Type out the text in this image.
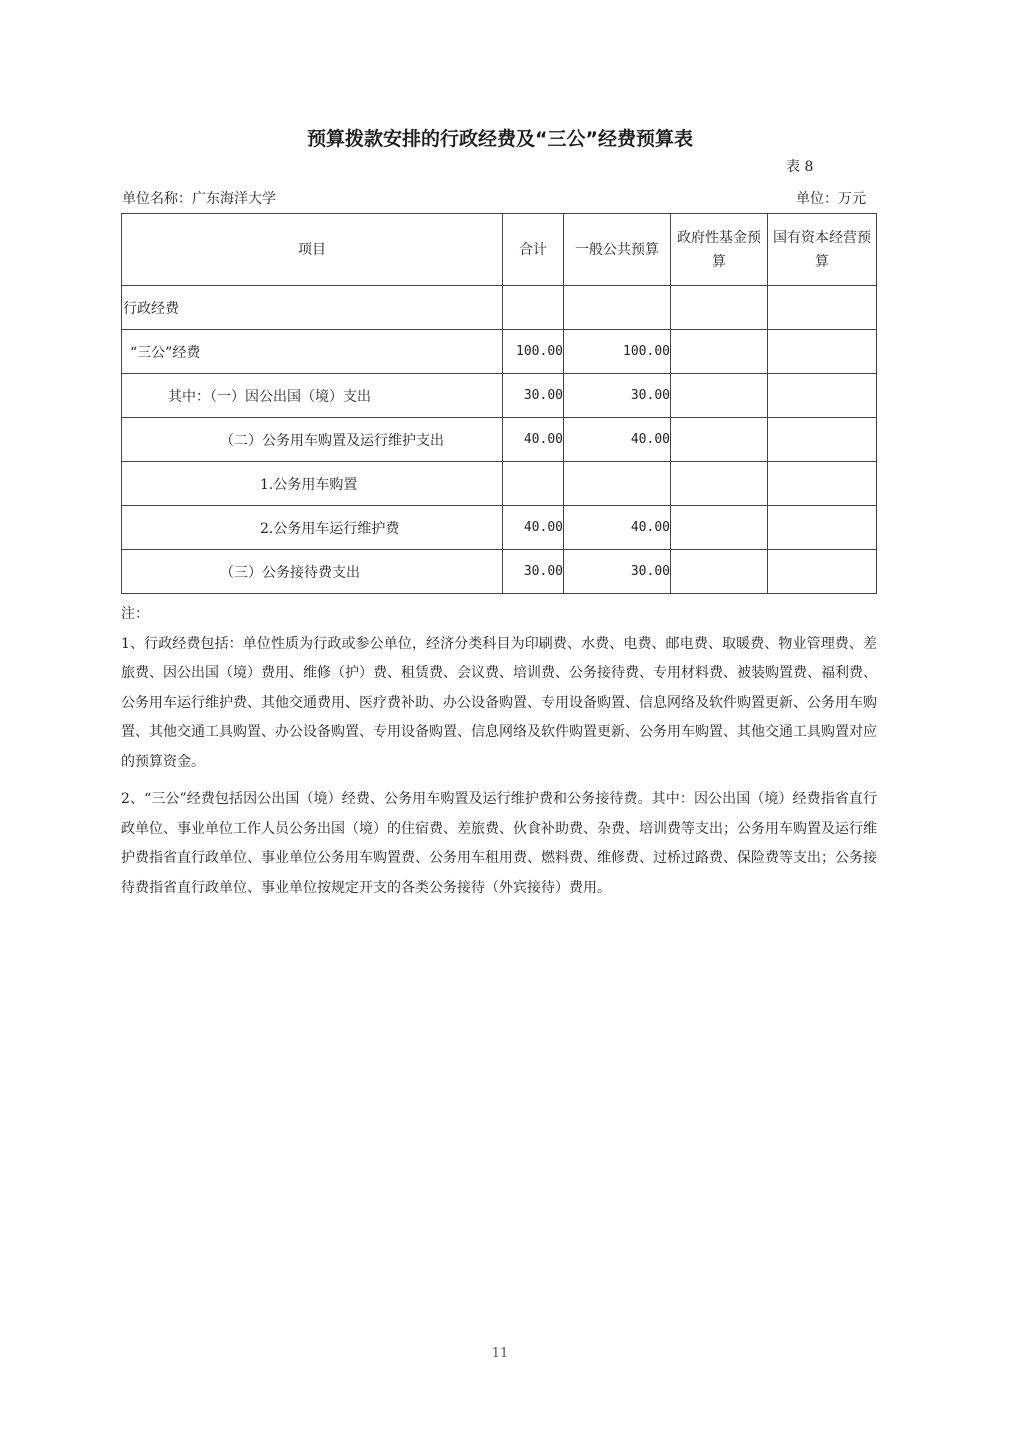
预算拨款安排的行政经费及“三公”经费预算表
表 8
单位名称：广东海洋大学	单位：万元
项目	合计	一般公共预算	政府性基金预算	国有资本经营预算
行政经费				
“三公”经费	100.00	100.00		
其中：（一）因公出国（境）支出	30.00	30.00		
（二）公务用车购置及运行维护支出	40.00	40.00		
1.公务用车购置				
2.公务用车运行维护费	40.00	40.00		
（三）公务接待费支出	30.00	30.00		

注：

1、行政经费包括：单位性质为行政或参公单位，经济分类科目为印刷费、水费、电费、邮电费、取暖费、物业管理费、差旅费、因公出国（境）费用、维修（护）费、租赁费、会议费、培训费、公务接待费、专用材料费、被装购置费、福利费、公务用车运行维护费、其他交通费用、医疗费补助、办公设备购置、专用设备购置、信息网络及软件购置更新、公务用车购置、其他交通工具购置、办公设备购置、专用设备购置、信息网络及软件购置更新、公务用车购置、其他交通工具购置对应的预算资金。

2、“三公”经费包括因公出国（境）经费、公务用车购置及运行维护费和公务接待费。其中：因公出国（境）经费指省直行政单位、事业单位工作人员公务出国（境）的住宿费、差旅费、伙食补助费、杂费、培训费等支出；公务用车购置及运行维护费指省直行政单位、事业单位公务用车购置费、公务用车租用费、燃料费、维修费、过桥过路费、保险费等支出；公务接待费指省直行政单位、事业单位按规定开支的各类公务接待（外宾接待）费用。

11
